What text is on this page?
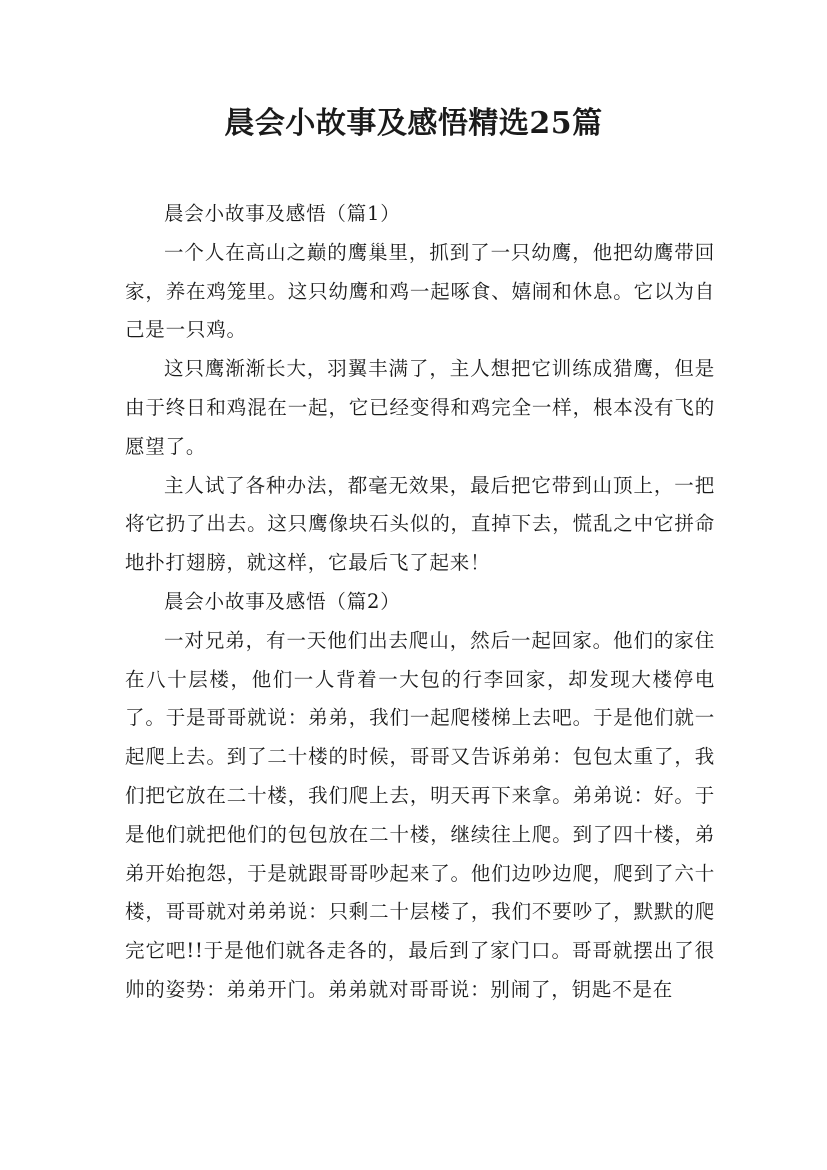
晨会小故事及感悟精选25篇

晨会小故事及感悟（篇1）

一个人在高山之巅的鹰巢里，抓到了一只幼鹰，他把幼鹰带回家，养在鸡笼里。这只幼鹰和鸡一起啄食、嬉闹和休息。它以为自己是一只鸡。

这只鹰渐渐长大，羽翼丰满了，主人想把它训练成猎鹰，但是由于终日和鸡混在一起，它已经变得和鸡完全一样，根本没有飞的愿望了。

主人试了各种办法，都毫无效果，最后把它带到山顶上，一把将它扔了出去。这只鹰像块石头似的，直掉下去，慌乱之中它拼命地扑打翅膀，就这样，它最后飞了起来！

晨会小故事及感悟（篇2）

一对兄弟，有一天他们出去爬山，然后一起回家。他们的家住在八十层楼，他们一人背着一大包的行李回家，却发现大楼停电了。于是哥哥就说：弟弟，我们一起爬楼梯上去吧。于是他们就一起爬上去。到了二十楼的时候，哥哥又告诉弟弟：包包太重了，我们把它放在二十楼，我们爬上去，明天再下来拿。弟弟说：好。于是他们就把他们的包包放在二十楼，继续往上爬。到了四十楼，弟弟开始抱怨，于是就跟哥哥吵起来了。他们边吵边爬，爬到了六十楼，哥哥就对弟弟说：只剩二十层楼了，我们不要吵了，默默的爬完它吧!!于是他们就各走各的，最后到了家门口。哥哥就摆出了很帅的姿势：弟弟开门。弟弟就对哥哥说：别闹了，钥匙不是在
